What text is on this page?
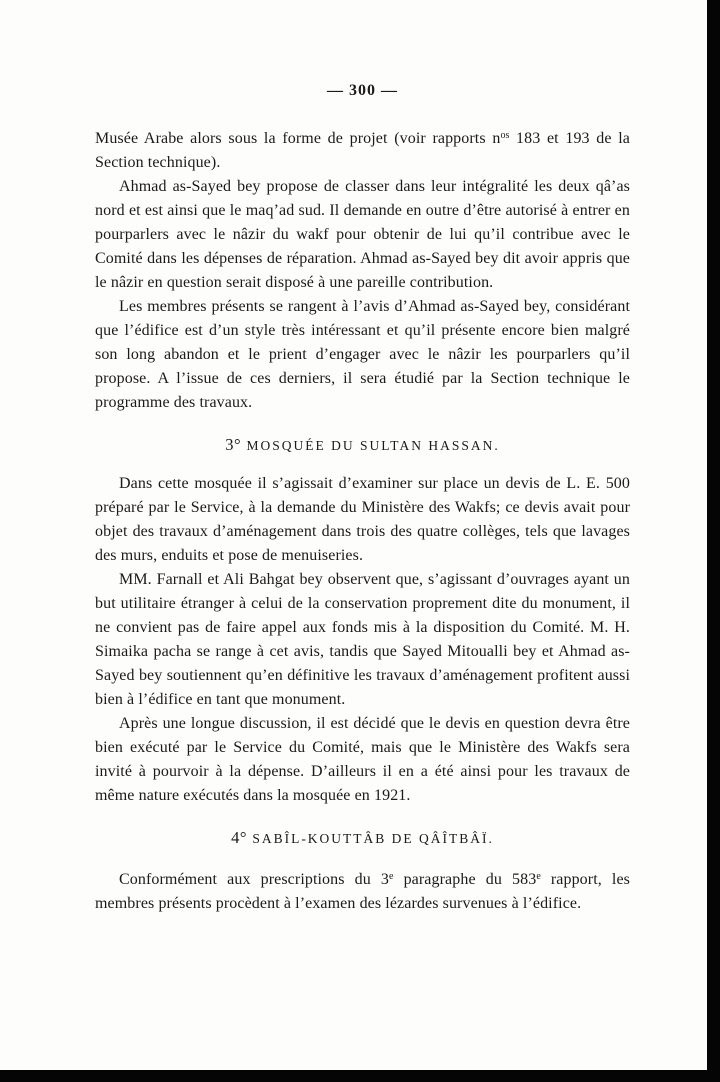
— 300 —

Musée Arabe alors sous la forme de projet (voir rapports $n^{os}$ 183 et 193 de la Section technique).

Ahmad as-Sayed bey propose de classer dans leur intégralité les deux qâ’as nord et est ainsi que le maq’ad sud. Il demande en outre d’être autorisé à entrer en pourparlers avec le nâzir du wakf pour obtenir de lui qu’il contribue avec le Comité dans les dépenses de réparation. Ahmad as-Sayed bey dit avoir appris que le nâzir en question serait disposé à une pareille contribution.

Les membres présents se rangent à l’avis d’Ahmad as-Sayed bey, considérant que l’édifice est d’un style très intéressant et qu’il présente encore bien malgré son long abandon et le prient d’engager avec le nâzir les pourparlers qu’il propose. A l’issue de ces derniers, il sera étudié par la Section technique le programme des travaux.

3° MOSQUÉE DU SULTAN HASSAN.

Dans cette mosquée il s’agissait d’examiner sur place un devis de L. E. 500 préparé par le Service, à la demande du Ministère des Wakfs; ce devis avait pour objet des travaux d’aménagement dans trois des quatre collèges, tels que lavages des murs, enduits et pose de menuiseries.

MM. Farnall et Ali Bahgat bey observent que, s’agissant d’ouvrages ayant un but utilitaire étranger à celui de la conservation proprement dite du monument, il ne convient pas de faire appel aux fonds mis à la disposition du Comité. M. H. Simaika pacha se range à cet avis, tandis que Sayed Mitoualli bey et Ahmad as-Sayed bey soutiennent qu’en définitive les travaux d’aménagement profitent aussi bien à l’édifice en tant que monument.

Après une longue discussion, il est décidé que le devis en question devra être bien exécuté par le Service du Comité, mais que le Ministère des Wakfs sera invité à pourvoir à la dépense. D’ailleurs il en a été ainsi pour les travaux de même nature exécutés dans la mosquée en 1921.

4° SABÎL-KOUTTÂB DE QÂÎTBÂÏ.

Conformément aux prescriptions du 3e paragraphe du 583e rapport, les membres présents procèdent à l’examen des lézardes survenues à l’édifice.
